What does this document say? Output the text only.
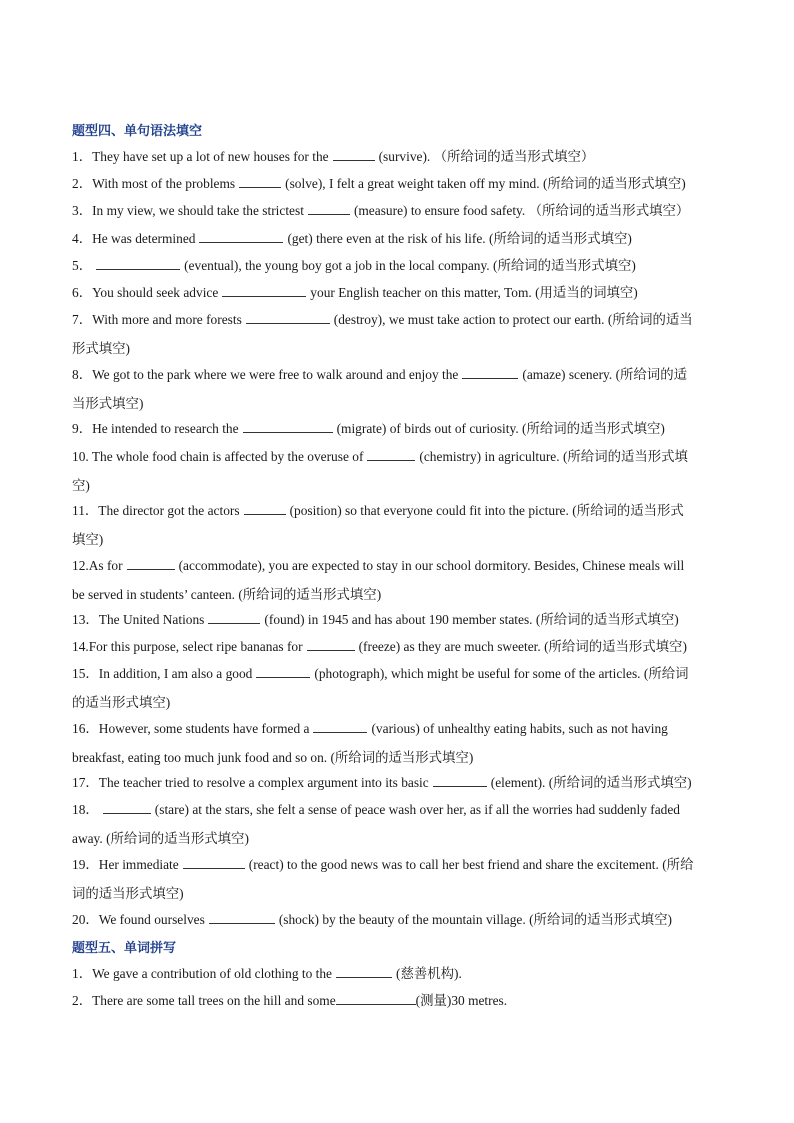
题型四、单句语法填空
1．They have set up a lot of new houses for the	(survive). （所给词的适当形式填空）
2．With most of the problems	(solve), I felt a great weight taken off my mind. (所给词的适当形式填空)
3．In my view, we should take the strictest	(measure) to ensure food safety. （所给词的适当形式填空）
4．He was determined	(get) there even at the risk of his life. (所给词的适当形式填空)
5．	(eventual), the young boy got a job in the local company. (所给词的适当形式填空)
6．You should seek advice	your English teacher on this matter, Tom. (用适当的词填空)
7．With more and more forests	(destroy), we must take action to protect our earth. (所给词的适当
形式填空)
8．We got to the park where we were free to walk around and enjoy the	(amaze) scenery. (所给词的适
当形式填空)
9．He intended to research the	(migrate) of birds out of curiosity. (所给词的适当形式填空)
10. The whole food chain is affected by the overuse of	(chemistry) in agriculture. (所给词的适当形式填
空)
11．The director got the actors	(position) so that everyone could fit into the picture. (所给词的适当形式
填空)
12.As for	(accommodate), you are expected to stay in our school dormitory. Besides, Chinese meals will
be served in students’ canteen. (所给词的适当形式填空)
13．The United Nations	(found) in 1945 and has about 190 member states. (所给词的适当形式填空)
14.For this purpose, select ripe bananas for	(freeze) as they are much sweeter. (所给词的适当形式填空)
15．In addition, I am also a good	(photograph), which might be useful for some of the articles. (所给词
的适当形式填空)
16．However, some students have formed a	(various) of unhealthy eating habits, such as not having
breakfast, eating too much junk food and so on. (所给词的适当形式填空)
17．The teacher tried to resolve a complex argument into its basic	(element). (所给词的适当形式填空)
18．	(stare) at the stars, she felt a sense of peace wash over her, as if all the worries had suddenly faded
away. (所给词的适当形式填空)
19．Her immediate	(react) to the good news was to call her best friend and share the excitement. (所给
词的适当形式填空)
20．We found ourselves	(shock) by the beauty of the mountain village. (所给词的适当形式填空)
题型五、单词拼写
1．We gave a contribution of old clothing to the	(慈善机构).
2．There are some tall trees on the hill and some	(测量)30 metres.
